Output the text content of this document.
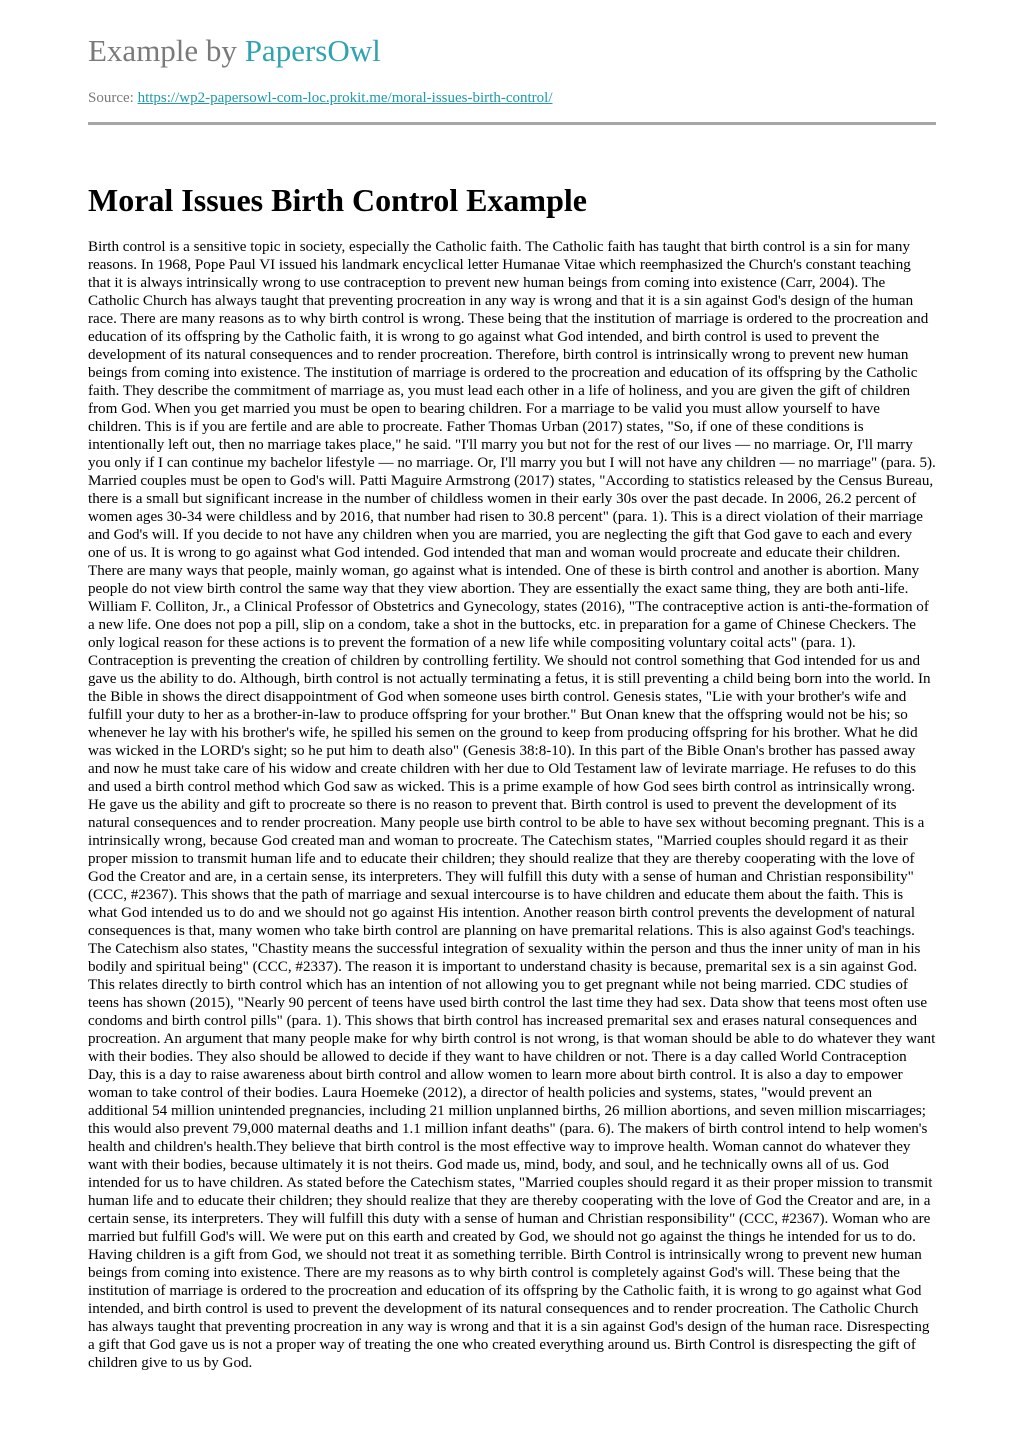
Example by PapersOwl
Source: https://wp2-papersowl-com-loc.prokit.me/moral-issues-birth-control/
Moral Issues Birth Control Example

Birth control is a sensitive topic in society, especially the Catholic faith. The Catholic faith has taught that birth control is a sin for many reasons. In 1968, Pope Paul VI issued his landmark encyclical letter Humanae Vitae which reemphasized the Church's constant teaching that it is always intrinsically wrong to use contraception to prevent new human beings from coming into existence (Carr, 2004). The Catholic Church has always taught that preventing procreation in any way is wrong and that it is a sin against God's design of the human race. There are many reasons as to why birth control is wrong. These being that the institution of marriage is ordered to the procreation and education of its offspring by the Catholic faith, it is wrong to go against what God intended, and birth control is used to prevent the development of its natural consequences and to render procreation. Therefore, birth control is intrinsically wrong to prevent new human beings from coming into existence. The institution of marriage is ordered to the procreation and education of its offspring by the Catholic faith. They describe the commitment of marriage as, you must lead each other in a life of holiness, and you are given the gift of children from God. When you get married you must be open to bearing children. For a marriage to be valid you must allow yourself to have children. This is if you are fertile and are able to procreate. Father Thomas Urban (2017) states, "So, if one of these conditions is intentionally left out, then no marriage takes place," he said. "I'll marry you but not for the rest of our lives — no marriage. Or, I'll marry you only if I can continue my bachelor lifestyle — no marriage. Or, I'll marry you but I will not have any children — no marriage" (para. 5). Married couples must be open to God's will. Patti Maguire Armstrong (2017) states, "According to statistics released by the Census Bureau, there is a small but significant increase in the number of childless women in their early 30s over the past decade. In 2006, 26.2 percent of women ages 30-34 were childless and by 2016, that number had risen to 30.8 percent" (para. 1). This is a direct violation of their marriage and God's will. If you decide to not have any children when you are married, you are neglecting the gift that God gave to each and every one of us. It is wrong to go against what God intended. God intended that man and woman would procreate and educate their children. There are many ways that people, mainly woman, go against what is intended. One of these is birth control and another is abortion. Many people do not view birth control the same way that they view abortion. They are essentially the exact same thing, they are both anti-life. William F. Colliton, Jr., a Clinical Professor of Obstetrics and Gynecology, states (2016), "The contraceptive action is anti-the-formation of a new life. One does not pop a pill, slip on a condom, take a shot in the buttocks, etc. in preparation for a game of Chinese Checkers. The only logical reason for these actions is to prevent the formation of a new life while compositing voluntary coital acts" (para. 1). Contraception is preventing the creation of children by controlling fertility. We should not control something that God intended for us and gave us the ability to do. Although, birth control is not actually terminating a fetus, it is still preventing a child being born into the world. In the Bible in shows the direct disappointment of God when someone uses birth control. Genesis states, "Lie with your brother's wife and fulfill your duty to her as a brother-in-law to produce offspring for your brother." But Onan knew that the offspring would not be his; so whenever he lay with his brother's wife, he spilled his semen on the ground to keep from producing offspring for his brother. What he did was wicked in the LORD's sight; so he put him to death also" (Genesis 38:8-10). In this part of the Bible Onan's brother has passed away and now he must take care of his widow and create children with her due to Old Testament law of levirate marriage. He refuses to do this and used a birth control method which God saw as wicked. This is a prime example of how God sees birth control as intrinsically wrong. He gave us the ability and gift to procreate so there is no reason to prevent that. Birth control is used to prevent the development of its natural consequences and to render procreation. Many people use birth control to be able to have sex without becoming pregnant. This is a intrinsically wrong, because God created man and woman to procreate. The Catechism states, "Married couples should regard it as their proper mission to transmit human life and to educate their children; they should realize that they are thereby cooperating with the love of God the Creator and are, in a certain sense, its interpreters. They will fulfill this duty with a sense of human and Christian responsibility" (CCC, #2367). This shows that the path of marriage and sexual intercourse is to have children and educate them about the faith. This is what God intended us to do and we should not go against His intention. Another reason birth control prevents the development of natural consequences is that, many women who take birth control are planning on have premarital relations. This is also against God's teachings. The Catechism also states, "Chastity means the successful integration of sexuality within the person and thus the inner unity of man in his bodily and spiritual being" (CCC, #2337). The reason it is important to understand chasity is because, premarital sex is a sin against God. This relates directly to birth control which has an intention of not allowing you to get pregnant while not being married. CDC studies of teens has shown (2015), "Nearly 90 percent of teens have used birth control the last time they had sex. Data show that teens most often use condoms and birth control pills" (para. 1). This shows that birth control has increased premarital sex and erases natural consequences and procreation. An argument that many people make for why birth control is not wrong, is that woman should be able to do whatever they want with their bodies. They also should be allowed to decide if they want to have children or not. There is a day called World Contraception Day, this is a day to raise awareness about birth control and allow women to learn more about birth control. It is also a day to empower woman to take control of their bodies. Laura Hoemeke (2012), a director of health policies and systems, states, "would prevent an additional 54 million unintended pregnancies, including 21 million unplanned births, 26 million abortions, and seven million miscarriages; this would also prevent 79,000 maternal deaths and 1.1 million infant deaths" (para. 6). The makers of birth control intend to help women's health and children's health.They believe that birth control is the most effective way to improve health. Woman cannot do whatever they want with their bodies, because ultimately it is not theirs. God made us, mind, body, and soul, and he technically owns all of us. God intended for us to have children. As stated before the Catechism states, "Married couples should regard it as their proper mission to transmit human life and to educate their children; they should realize that they are thereby cooperating with the love of God the Creator and are, in a certain sense, its interpreters. They will fulfill this duty with a sense of human and Christian responsibility" (CCC, #2367). Woman who are married but fulfill God's will. We were put on this earth and created by God, we should not go against the things he intended for us to do. Having children is a gift from God, we should not treat it as something terrible. Birth Control is intrinsically wrong to prevent new human beings from coming into existence. There are my reasons as to why birth control is completely against God's will. These being that the institution of marriage is ordered to the procreation and education of its offspring by the Catholic faith, it is wrong to go against what God intended, and birth control is used to prevent the development of its natural consequences and to render procreation. The Catholic Church has always taught that preventing procreation in any way is wrong and that it is a sin against God's design of the human race. Disrespecting a gift that God gave us is not a proper way of treating the one who created everything around us. Birth Control is disrespecting the gift of children give to us by God.
